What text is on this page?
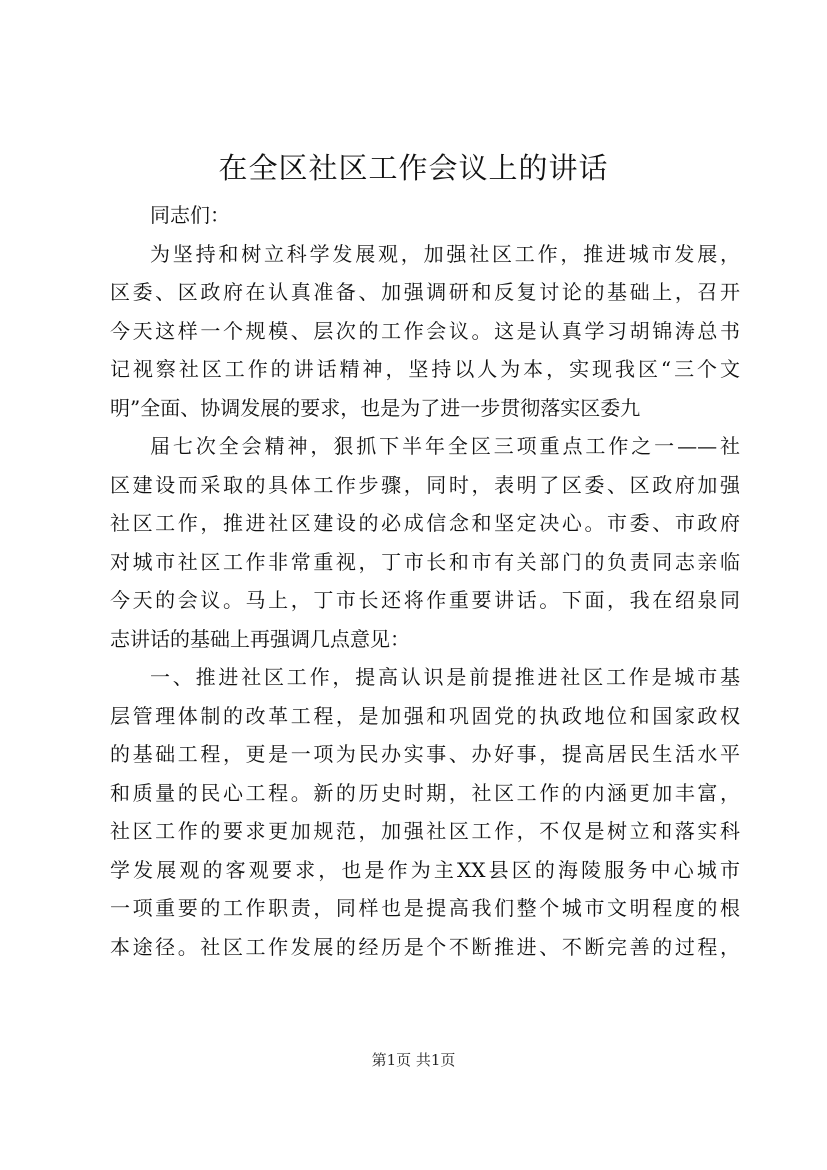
在全区社区工作会议上的讲话
同志们：
为坚持和树立科学发展观，加强社区工作，推进城市发展，
区委、区政府在认真准备、加强调研和反复讨论的基础上，召开
今天这样一个规模、层次的工作会议。这是认真学习胡锦涛总书
记视察社区工作的讲话精神，坚持以人为本，实现我区“三个文
明”全面、协调发展的要求，也是为了进一步贯彻落实区委九
届七次全会精神，狠抓下半年全区三项重点工作之一——社
区建设而采取的具体工作步骤，同时，表明了区委、区政府加强
社区工作，推进社区建设的必成信念和坚定决心。市委、市政府
对城市社区工作非常重视，丁市长和市有关部门的负责同志亲临
今天的会议。马上，丁市长还将作重要讲话。下面，我在绍泉同
志讲话的基础上再强调几点意见：
一、推进社区工作，提高认识是前提推进社区工作是城市基
层管理体制的改革工程，是加强和巩固党的执政地位和国家政权
的基础工程，更是一项为民办实事、办好事，提高居民生活水平
和质量的民心工程。新的历史时期，社区工作的内涵更加丰富，
社区工作的要求更加规范，加强社区工作，不仅是树立和落实科
学发展观的客观要求，也是作为主XX县区的海陵服务中心城市
一项重要的工作职责，同样也是提高我们整个城市文明程度的根
本途径。社区工作发展的经历是个不断推进、不断完善的过程，
第1页 共1页
